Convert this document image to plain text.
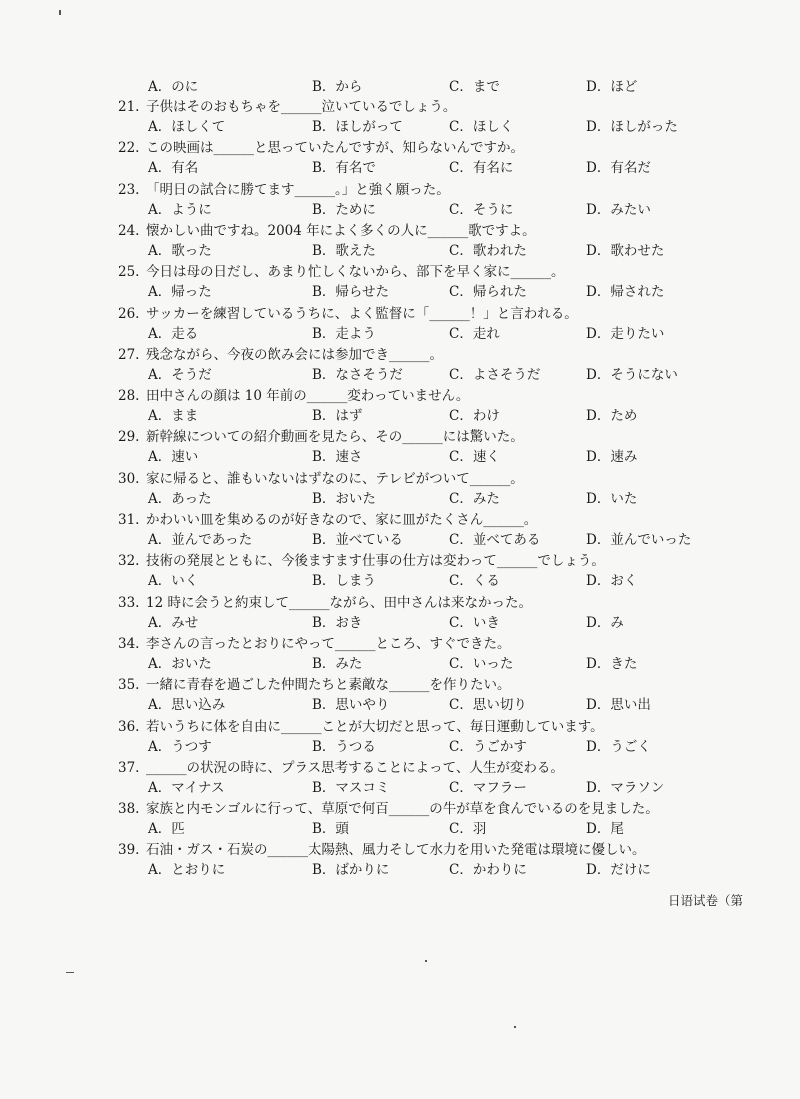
A．のに	B．から	C．まで	D．ほど
21. 子供はそのおもちゃを______泣いているでしょう。
A．ほしくて	B．ほしがって	C．ほしく	D．ほしがった
22. この映画は______と思っていたんですが、知らないんですか。
A．有名	B．有名で	C．有名に	D．有名だ
23. 「明日の試合に勝てます______。」と強く願った。
A．ように	B．ために	C．そうに	D．みたい
24. 懐かしい曲ですね。2004 年によく多くの人に______歌ですよ。
A．歌った	B．歌えた	C．歌われた	D．歌わせた
25. 今日は母の日だし、あまり忙しくないから、部下を早く家に______。
A．帰った	B．帰らせた	C．帰られた	D．帰された
26. サッカーを練習しているうちに、よく監督に「______！」と言われる。
A．走る	B．走よう	C．走れ	D．走りたい
27. 残念ながら、今夜の飲み会には参加でき______。
A．そうだ	B．なさそうだ	C．よさそうだ	D．そうにない
28. 田中さんの顔は 10 年前の______変わっていません。
A．まま	B．はず	C．わけ	D．ため
29. 新幹線についての紹介動画を見たら、その______には驚いた。
A．速い	B．速さ	C．速く	D．速み
30. 家に帰ると、誰もいないはずなのに、テレビがついて______。
A．あった	B．おいた	C．みた	D．いた
31. かわいい皿を集めるのが好きなので、家に皿がたくさん______。
A．並んであった	B．並べている	C．並べてある	D．並んでいった
32. 技術の発展とともに、今後ますます仕事の仕方は変わって______でしょう。
A．いく	B．しまう	C．くる	D．おく
33. 12 時に会うと約束して______ながら、田中さんは来なかった。
A．みせ	B．おき	C．いき	D．み
34. 李さんの言ったとおりにやって______ところ、すぐできた。
A．おいた	B．みた	C．いった	D．きた
35. 一緒に青春を過ごした仲間たちと素敵な______を作りたい。
A．思い込み	B．思いやり	C．思い切り	D．思い出
36. 若いうちに体を自由に______ことが大切だと思って、毎日運動しています。
A．うつす	B．うつる	C．うごかす	D．うごく
37. ______の状況の時に、プラス思考することによって、人生が変わる。
A．マイナス	B．マスコミ	C．マフラー	D．マラソン
38. 家族と内モンゴルに行って、草原で何百______の牛が草を食んでいるのを見ました。
A．匹	B．頭	C．羽	D．尾
39. 石油・ガス・石炭の______太陽熱、風力そして水力を用いた発電は環境に優しい。
A．とおりに	B．ばかりに	C．かわりに	D．だけに
日语试卷（第
